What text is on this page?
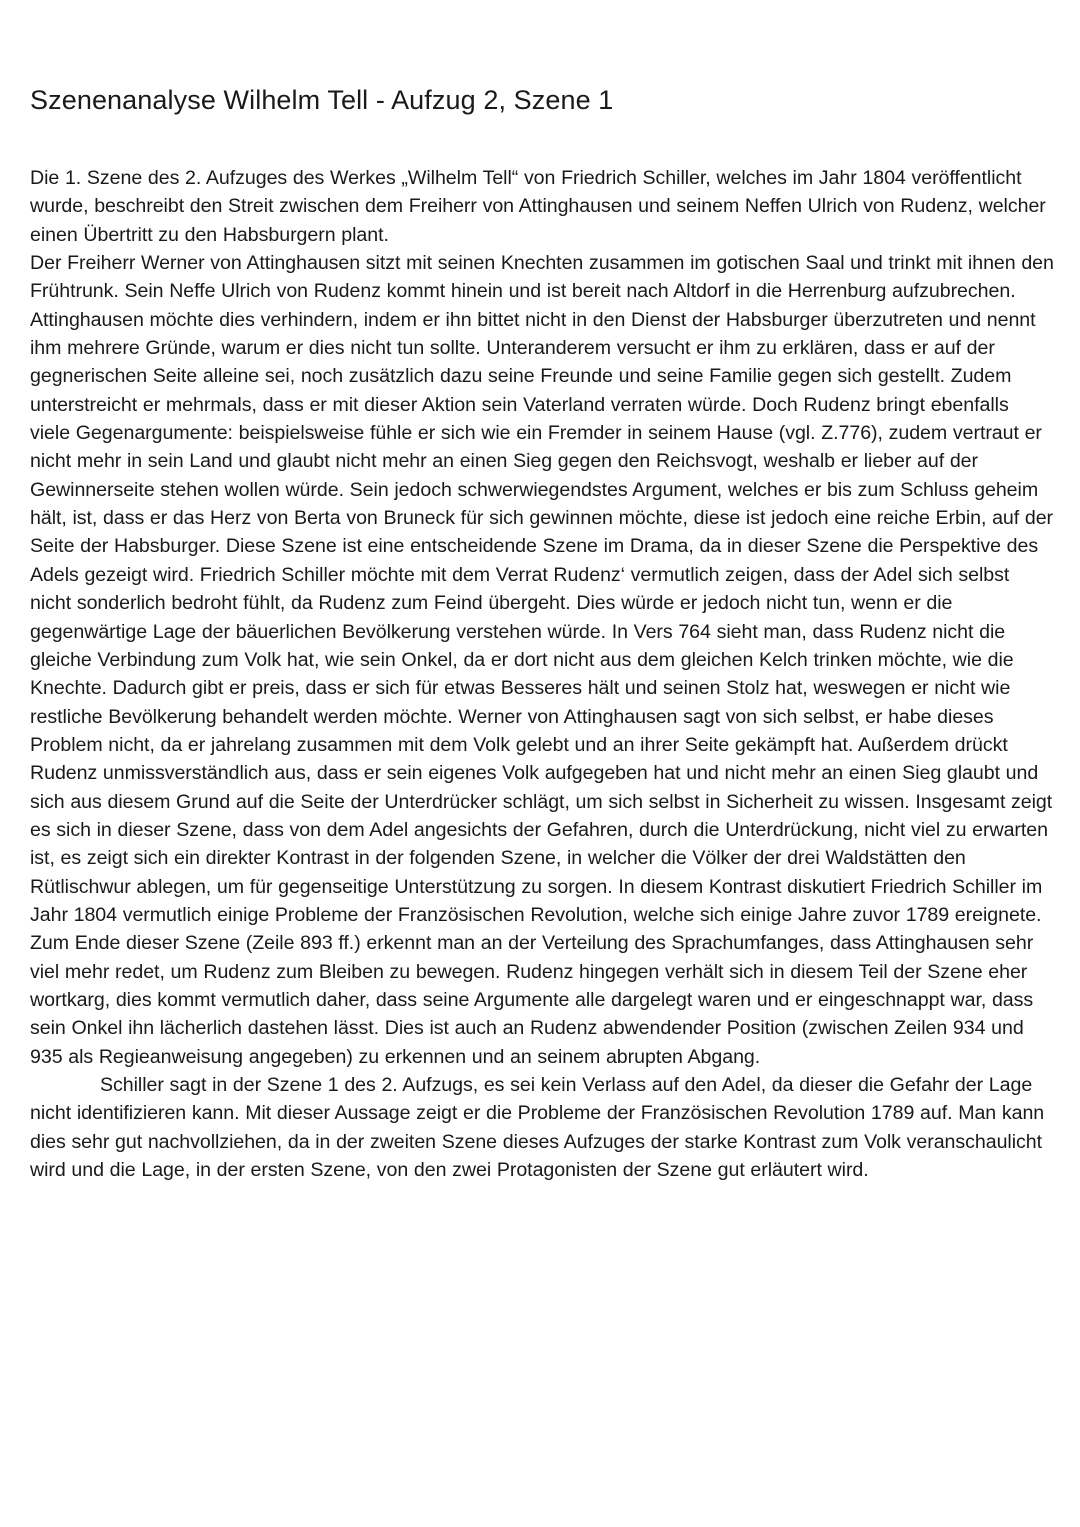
Szenenanalyse Wilhelm Tell - Aufzug 2, Szene 1

Die 1. Szene des 2. Aufzuges des Werkes „Wilhelm Tell“ von Friedrich Schiller, welches im Jahr 1804 veröffentlicht wurde, beschreibt den Streit zwischen dem Freiherr von Attinghausen und seinem Neffen Ulrich von Rudenz, welcher einen Übertritt zu den Habsburgern plant.

Der Freiherr Werner von Attinghausen sitzt mit seinen Knechten zusammen im gotischen Saal und trinkt mit ihnen den Frühtrunk. Sein Neffe Ulrich von Rudenz kommt hinein und ist bereit nach Altdorf in die Herrenburg aufzubrechen. Attinghausen möchte dies verhindern, indem er ihn bittet nicht in den Dienst der Habsburger überzutreten und nennt ihm mehrere Gründe, warum er dies nicht tun sollte. Unteranderem versucht er ihm zu erklären, dass er auf der gegnerischen Seite alleine sei, noch zusätzlich dazu seine Freunde und seine Familie gegen sich gestellt. Zudem unterstreicht er mehrmals, dass er mit dieser Aktion sein Vaterland verraten würde. Doch Rudenz bringt ebenfalls viele Gegenargumente: beispielsweise fühle er sich wie ein Fremder in seinem Hause (vgl. Z.776), zudem vertraut er nicht mehr in sein Land und glaubt nicht mehr an einen Sieg gegen den Reichsvogt, weshalb er lieber auf der Gewinnerseite stehen wollen würde. Sein jedoch schwerwiegendstes Argument, welches er bis zum Schluss geheim hält, ist, dass er das Herz von Berta von Bruneck für sich gewinnen möchte, diese ist jedoch eine reiche Erbin, auf der Seite der Habsburger. Diese Szene ist eine entscheidende Szene im Drama, da in dieser Szene die Perspektive des Adels gezeigt wird. Friedrich Schiller möchte mit dem Verrat Rudenz‘ vermutlich zeigen, dass der Adel sich selbst nicht sonderlich bedroht fühlt, da Rudenz zum Feind übergeht. Dies würde er jedoch nicht tun, wenn er die gegenwärtige Lage der bäuerlichen Bevölkerung verstehen würde. In Vers 764 sieht man, dass Rudenz nicht die gleiche Verbindung zum Volk hat, wie sein Onkel, da er dort nicht aus dem gleichen Kelch trinken möchte, wie die Knechte. Dadurch gibt er preis, dass er sich für etwas Besseres hält und seinen Stolz hat, weswegen er nicht wie restliche Bevölkerung behandelt werden möchte. Werner von Attinghausen sagt von sich selbst, er habe dieses Problem nicht, da er jahrelang zusammen mit dem Volk gelebt und an ihrer Seite gekämpft hat. Außerdem drückt Rudenz unmissverständlich aus, dass er sein eigenes Volk aufgegeben hat und nicht mehr an einen Sieg glaubt und sich aus diesem Grund auf die Seite der Unterdrücker schlägt, um sich selbst in Sicherheit zu wissen. Insgesamt zeigt es sich in dieser Szene, dass von dem Adel angesichts der Gefahren, durch die Unterdrückung, nicht viel zu erwarten ist, es zeigt sich ein direkter Kontrast in der folgenden Szene, in welcher die Völker der drei Waldstätten den Rütlischwur ablegen, um für gegenseitige Unterstützung zu sorgen. In diesem Kontrast diskutiert Friedrich Schiller im Jahr 1804 vermutlich einige Probleme der Französischen Revolution, welche sich einige Jahre zuvor 1789 ereignete. Zum Ende dieser Szene (Zeile 893 ff.) erkennt man an der Verteilung des Sprachumfanges, dass Attinghausen sehr viel mehr redet, um Rudenz zum Bleiben zu bewegen. Rudenz hingegen verhält sich in diesem Teil der Szene eher wortkarg, dies kommt vermutlich daher, dass seine Argumente alle dargelegt waren und er eingeschnappt war, dass sein Onkel ihn lächerlich dastehen lässt. Dies ist auch an Rudenz abwendender Position (zwischen Zeilen 934 und 935 als Regieanweisung angegeben) zu erkennen und an seinem abrupten Abgang.

Schiller sagt in der Szene 1 des 2. Aufzugs, es sei kein Verlass auf den Adel, da dieser die Gefahr der Lage nicht identifizieren kann. Mit dieser Aussage zeigt er die Probleme der Französischen Revolution 1789 auf. Man kann dies sehr gut nachvollziehen, da in der zweiten Szene dieses Aufzuges der starke Kontrast zum Volk veranschaulicht wird und die Lage, in der ersten Szene, von den zwei Protagonisten der Szene gut erläutert wird.
